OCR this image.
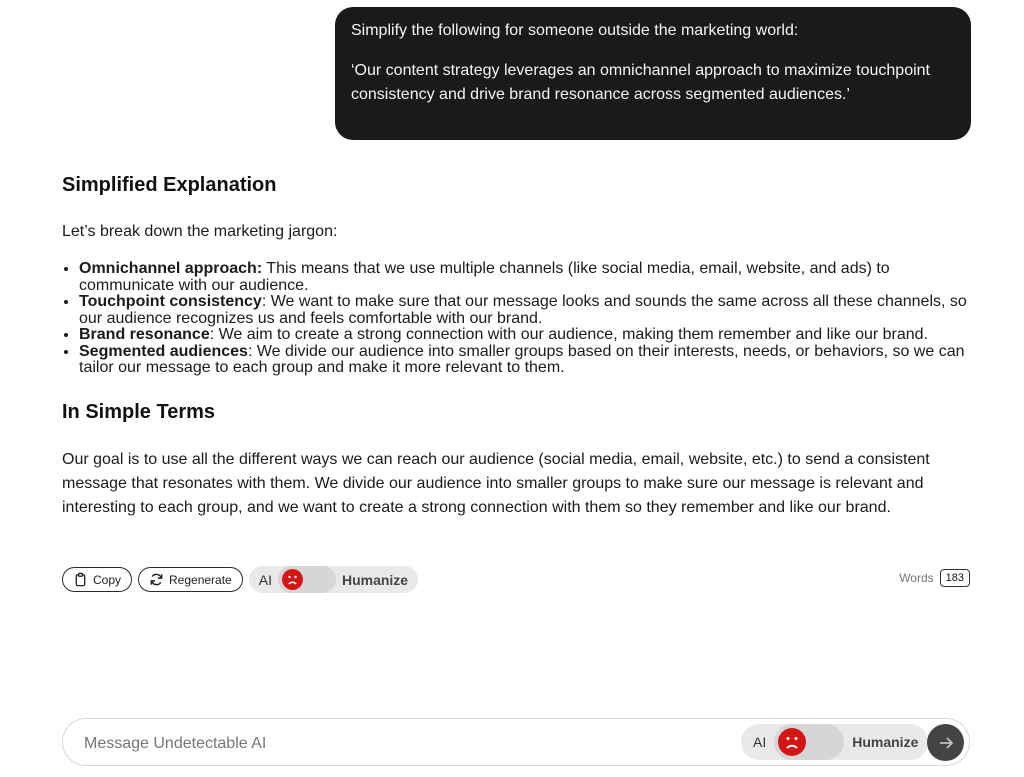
Simplify the following for someone outside the marketing world:

‘Our content strategy leverages an omnichannel approach to maximize touchpoint consistency and drive brand resonance across segmented audiences.’

Simplified Explanation

Let’s break down the marketing jargon:

• Omnichannel approach: This means that we use multiple channels (like social media, email, website, and ads) to communicate with our audience.
• Touchpoint consistency: We want to make sure that our message looks and sounds the same across all these channels, so our audience recognizes us and feels comfortable with our brand.
• Brand resonance: We aim to create a strong connection with our audience, making them remember and like our brand.
• Segmented audiences: We divide our audience into smaller groups based on their interests, needs, or behaviors, so we can tailor our message to each group and make it more relevant to them.
In Simple Terms

Our goal is to use all the different ways we can reach our audience (social media, email, website, etc.) to send a consistent message that resonates with them. We divide our audience into smaller groups to make sure our message is relevant and interesting to each group, and we want to create a strong connection with them so they remember and like our brand.

Copy	Regenerate AI	Humanize	Words	183
Message Undetectable AI
AI	Humanize
